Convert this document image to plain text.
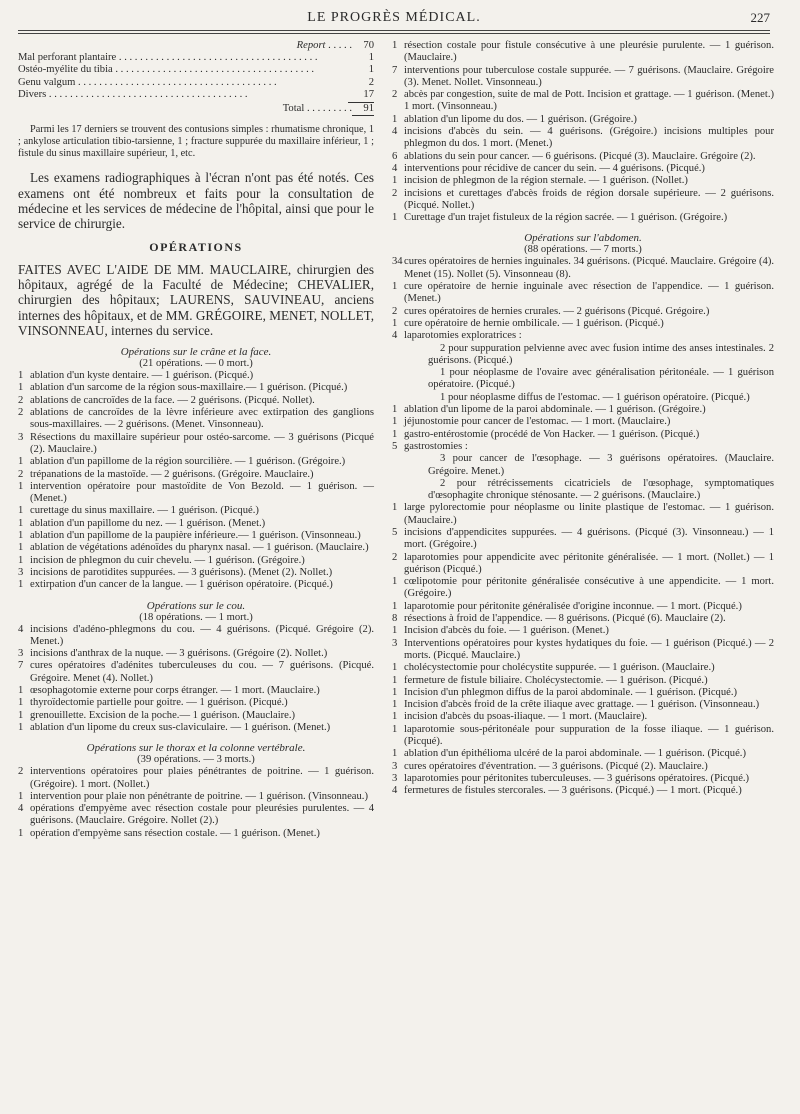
LE PROGRÈS MÉDICAL.	227
Report . . .	70
Mal perforant plantaire . . .	1
Ostéo-myélite du tibia . . .	1
Genu valgum . . .	2
Divers . . .	17
Total . . .	91
Parmi les 17 derniers se trouvent des contusions simples : rhumatisme chronique, 1 ; ankylose articulation tibio-tarsienne, 1 ; fracture suppurée du maxillaire inférieur, 1 ; fistule du sinus maxillaire supérieur, 1, etc.
Les examens radiographiques à l'écran n'ont pas été notés. Ces examens ont été nombreux et faits pour la consultation de médecine et les services de médecine de l'hôpital, ainsi que pour le service de chirurgie.
OPÉRATIONS
FAITES AVEC L'AIDE DE MM. MAUCLAIRE, chirurgien des hôpitaux, agrégé de la Faculté de Médecine; CHEVALIER, chirurgien des hôpitaux; LAURENS, SAUVINEAU, anciens internes des hôpitaux, et de MM. GRÉGOIRE, MENET, NOLLET, VINSONNEAU, internes du service.
Opérations sur le crâne et la face.
(21 opérations. — 0 mort.)
1 ablation d'un kyste dentaire. — 1 guérison. (Picqué.)
1 ablation d'un sarcome de la région sous-maxillaire.— 1 guérison. (Picqué.)
2 ablations de cancroïdes de la face. — 2 guérisons. (Picqué. Nollet).
2 ablations de cancroïdes de la lèvre inférieure avec extirpation des ganglions sous-maxillaires. — 2 guérisons. (Menet. Vinsonneau).
3 Résections du maxillaire supérieur pour ostéo-sarcome. — 3 guérisons (Picqué (2). Mauclaire.)
1 ablation d'un papillome de la région sourcilière. — 1 guérison. (Grégoire.)
2 trépanations de la mastoïde. — 2 guérisons. (Grégoire. Mauclaire.)
1 intervention opératoire pour mastoïdite de Von Bezold. — 1 guérison. — (Menet.)
1 curettage du sinus maxillaire. — 1 guérison. (Picqué.)
1 ablation d'un papillome du nez. — 1 guérison. (Menet.)
1 ablation d'un papillome de la paupière inférieure.— 1 guérison. (Vinsonneau.)
1 ablation de végétations adénoïdes du pharynx nasal. — 1 guérison. (Mauclaire.)
1 incision de phlegmon du cuir chevelu. — 1 guérison. (Grégoire.)
3 incisions de parotidites suppurées. — 3 guérisons). (Menet (2). Nollet.)
1 extirpation d'un cancer de la langue. — 1 guérison opératoire. (Picqué.)
Opérations sur le cou.
(18 opérations. — 1 mort.)
4 incisions d'adéno-phlegmons du cou. — 4 guérisons. (Picqué. Grégoire (2). Menet.)
3 incisions d'anthrax de la nuque. — 3 guérisons. (Grégoire (2). Nollet.)
7 cures opératoires d'adénites tuberculeuses du cou. — 7 guérisons. (Picqué. Grégoire. Menet (4). Nollet.)
1 œsophagotomie externe pour corps étranger. — 1 mort. (Mauclaire.)
1 thyroïdectomie partielle pour goitre. — 1 guérison. (Picqué.)
1 grenouillette. Excision de la poche.— 1 guérison. (Mauclaire.)
1 ablation d'un lipome du creux sus-claviculaire. — 1 guérison. (Menet.)
Opérations sur le thorax et la colonne vertébrale.
(39 opérations. — 3 morts.)
2 interventions opératoires pour plaies pénétrantes de poitrine. — 1 guérison. (Grégoire). 1 mort. (Nollet.)
1 intervention pour plaie non pénétrante de poitrine. — 1 guérison. (Vinsonneau.)
4 opérations d'empyème avec résection costale pour pleurésies purulentes. — 4 guérisons. (Mauclaire. Grégoire. Nollet (2).)
1 opération d'empyème sans résection costale. — 1 guérison. (Menet.)
1 résection costale pour fistule consécutive à une pleurésie purulente. — 1 guérison. (Mauclaire.)
7 interventions pour tuberculose costale suppurée. — 7 guérisons. (Mauclaire. Grégoire (3). Menet. Nollet. Vinsonneau.)
2 abcès par congestion, suite de mal de Pott. Incision et grattage. — 1 guérison. (Menet.) 1 mort. (Vinsonneau.)
1 ablation d'un lipome du dos. — 1 guérison. (Grégoire.)
4 incisions d'abcès du sein. — 4 guérisons. (Grégoire.) incisions multiples pour phlegmon du dos. 1 mort. (Menet.)
6 ablations du sein pour cancer. — 6 guérisons. (Picqué (3). Mauclaire. Grégoire (2).
4 interventions pour récidive de cancer du sein. — 4 guérisons. (Picqué.)
1 incision de phlegmon de la région sternale. — 1 guérison. (Nollet.)
2 incisions et curettages d'abcès froids de région dorsale supérieure. — 2 guérisons. (Picqué. Nollet.)
1 Curettage d'un trajet fistuleux de la région sacrée. — 1 guérison. (Grégoire.)
Opérations sur l'abdomen.
(88 opérations. — 7 morts.)
34 cures opératoires de hernies inguinales. 34 guérisons. (Picqué. Mauclaire. Grégoire (4). Menet (15). Nollet (5). Vinsonneau (8).
1 cure opératoire de hernie inguinale avec résection de l'appendice. — 1 guérison. (Menet.)
2 cures opératoires de hernies crurales. — 2 guérisons (Picqué. Grégoire.)
1 cure opératoire de hernie ombilicale. — 1 guérison. (Picqué.)
4 laparotomies exploratrices :
2 pour suppuration pelvienne avec avec fusion intime des anses intestinales. 2 guérisons. (Picqué.)
1 pour néoplasme de l'ovaire avec généralisation péritonéale. — 1 guérison opératoire. (Picqué.)
1 pour néoplasme diffus de l'estomac. — 1 guérison opératoire. (Picqué.)
1 ablation d'un lipome de la paroi abdominale. — 1 guérison. (Grégoire.)
1 jéjunostomie pour cancer de l'estomac. — 1 mort. (Mauclaire.)
1 gastro-entérostomie (procédé de Von Hacker. — 1 guérison. (Picqué.)
5 gastrostomies :
3 pour cancer de l'œsophage. — 3 guérisons opératoires. (Mauclaire. Grégoire. Menet.)
2 pour rétrécissements cicatriciels de l'œsophage, symptomatiques d'œsophagite chronique sténosante. — 2 guérisons. (Mauclaire.)
1 large pylorectomie pour néoplasme ou linite plastique de l'estomac. — 1 guérison. (Mauclaire.)
5 incisions d'appendicites suppurées. — 4 guérisons. (Picqué (3). Vinsonneau.) — 1 mort. (Grégoire.)
2 laparotomies pour appendicite avec péritonite généralisée. — 1 mort. (Nollet.) — 1 guérison (Picqué.)
1 cœlipotomie pour péritonite généralisée consécutive à une appendicite. — 1 mort. (Grégoire.)
1 laparotomie pour péritonite généralisée d'origine inconnue. — 1 mort. (Picqué.)
8 résections à froid de l'appendice. — 8 guérisons. (Picqué (6). Mauclaire (2).
1 Incision d'abcès du foie. — 1 guérison. (Menet.)
3 Interventions opératoires pour kystes hydatiques du foie. — 1 guérison (Picqué.) — 2 morts. (Picqué. Mauclaire.)
1 cholécystectomie pour cholécystite suppurée. — 1 guérison. (Mauclaire.)
1 fermeture de fistule biliaire. Cholécystectomie. — 1 guérison. (Picqué.)
1 Incision d'un phlegmon diffus de la paroi abdominale. — 1 guérison. (Picqué.)
1 Incision d'abcès froid de la crête iliaque avec grattage. — 1 guérison. (Vinsonneau.)
1 incision d'abcès du psoas-iliaque. — 1 mort. (Mauclaire).
1 laparotomie sous-péritonéale pour suppuration de la fosse iliaque. — 1 guérison. (Picqué).
1 ablation d'un épithélioma ulcéré de la paroi abdominale. — 1 guérison. (Picqué.)
3 cures opératoires d'éventration. — 3 guérisons. (Picqué (2). Mauclaire.)
3 laparotomies pour péritonites tuberculeuses. — 3 guérisons opératoires. (Picqué.)
4 fermetures de fistules stercorales. — 3 guérisons. (Picqué.) — 1 mort. (Picqué.)
